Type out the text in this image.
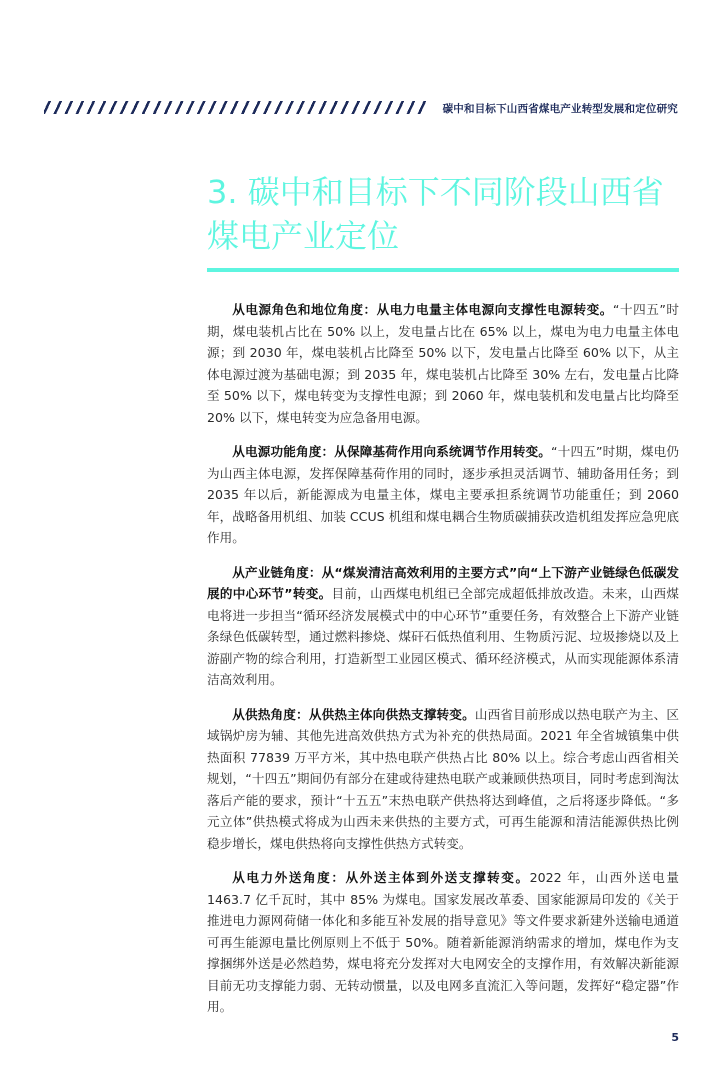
碳中和目标下山西省煤电产业转型发展和定位研究
3. 碳中和目标下不同阶段山西省
煤电产业定位

从电源角色和地位角度：从电力电量主体电源向支撑性电源转变。“十四五”时期，煤电装机占比在 50% 以上，发电量占比在 65% 以上，煤电为电力电量主体电源；到 2030 年，煤电装机占比降至 50% 以下，发电量占比降至 60% 以下，从主体电源过渡为基础电源；到 2035 年，煤电装机占比降至 30% 左右，发电量占比降至 50% 以下，煤电转变为支撑性电源；到 2060 年，煤电装机和发电量占比均降至 20% 以下，煤电转变为应急备用电源。

从电源功能角度：从保障基荷作用向系统调节作用转变。“十四五”时期，煤电仍为山西主体电源，发挥保障基荷作用的同时，逐步承担灵活调节、辅助备用任务；到 2035 年以后，新能源成为电量主体，煤电主要承担系统调节功能重任；到 2060 年，战略备用机组、加装 CCUS 机组和煤电耦合生物质碳捕获改造机组发挥应急兜底作用。

从产业链角度：从“煤炭清洁高效利用的主要方式”向“上下游产业链绿色低碳发展的中心环节”转变。目前，山西煤电机组已全部完成超低排放改造。未来，山西煤电将进一步担当“循环经济发展模式中的中心环节”重要任务，有效整合上下游产业链条绿色低碳转型，通过燃料掺烧、煤矸石低热值利用、生物质污泥、垃圾掺烧以及上游副产物的综合利用，打造新型工业园区模式、循环经济模式，从而实现能源体系清洁高效利用。

从供热角度：从供热主体向供热支撑转变。山西省目前形成以热电联产为主、区域锅炉房为辅、其他先进高效供热方式为补充的供热局面。2021 年全省城镇集中供热面积 77839 万平方米，其中热电联产供热占比 80% 以上。综合考虑山西省相关规划，“十四五”期间仍有部分在建或待建热电联产或兼顾供热项目，同时考虑到淘汰落后产能的要求，预计“十五五”末热电联产供热将达到峰值，之后将逐步降低。“多元立体”供热模式将成为山西未来供热的主要方式，可再生能源和清洁能源供热比例稳步增长，煤电供热将向支撑性供热方式转变。

从电力外送角度：从外送主体到外送支撑转变。2022 年，山西外送电量 1463.7 亿千瓦时，其中 85% 为煤电。国家发展改革委、国家能源局印发的《关于推进电力源网荷储一体化和多能互补发展的指导意见》等文件要求新建外送输电通道可再生能源电量比例原则上不低于 50%。随着新能源消纳需求的增加，煤电作为支撑捆绑外送是必然趋势，煤电将充分发挥对大电网安全的支撑作用，有效解决新能源目前无功支撑能力弱、无转动惯量，以及电网多直流汇入等问题，发挥好“稳定器”作用。

5
